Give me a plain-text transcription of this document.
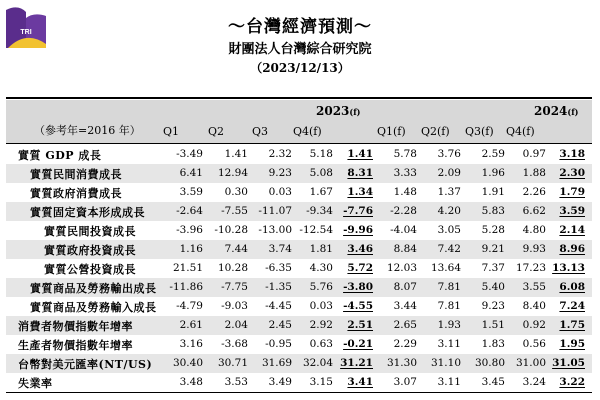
TRI	～台灣經濟預測～
財團法人台灣綜合研究院
（2023/12/13）
2023(f)	2024(f)
（參考年=2016 年） Q1	Q2	Q3	Q4(f)	Q1(f)	Q2(f)	Q3(f)	Q4(f)
實質 GDP 成長	-3.49	1.41	2.32	5.18	1.41	5.78	3.76	2.59	0.97	3.18
實質民間消費成長	6.41	12.94	9.23	5.08	8.31	3.33	2.09	1.96	1.88	2.30
實質政府消費成長	3.59	0.30	0.03	1.67	1.34	1.48	1.37	1.91	2.26	1.79
實質固定資本形成成長	-2.64	-7.55 -11.07	-9.34 -7.76	-2.28	4.20	5.83	6.62	3.59
實質民間投資成長	-3.96	-10.28 -13.00 -12.54 -9.96	-4.04	3.05	5.28	4.80	2.14
實質政府投資成長	1.16	7.44	3.74	1.81	3.46	8.84	7.42	9.21	9.93	8.96
實質公營投資成長	21.51	10.28	-6.35	4.30	5.72	12.03	13.64	7.37	17.23 13.13
實質商品及勞務輸出成長	-11.86	-7.75	-1.35	5.76 -3.80	8.07	7.81	5.40	3.55	6.08
實質商品及勞務輸入成長	-4.79	-9.03	-4.45	0.03 -4.55	3.44	7.81	9.23	8.40	7.24
消費者物價指數年增率	2.61	2.04	2.45	2.92	2.51	2.65	1.93	1.51	0.92	1.75
生產者物價指數年增率	3.16	-3.68	-0.95	0.63 -0.21	2.29	3.11	1.83	0.56	1.95
台幣對美元匯率(NT/US)	30.40	30.71	31.69	32.04 31.21	31.30	31.10	30.80	31.00 31.05
失業率	3.48	3.53	3.49	3.15	3.41	3.07	3.11	3.45	3.24	3.22
